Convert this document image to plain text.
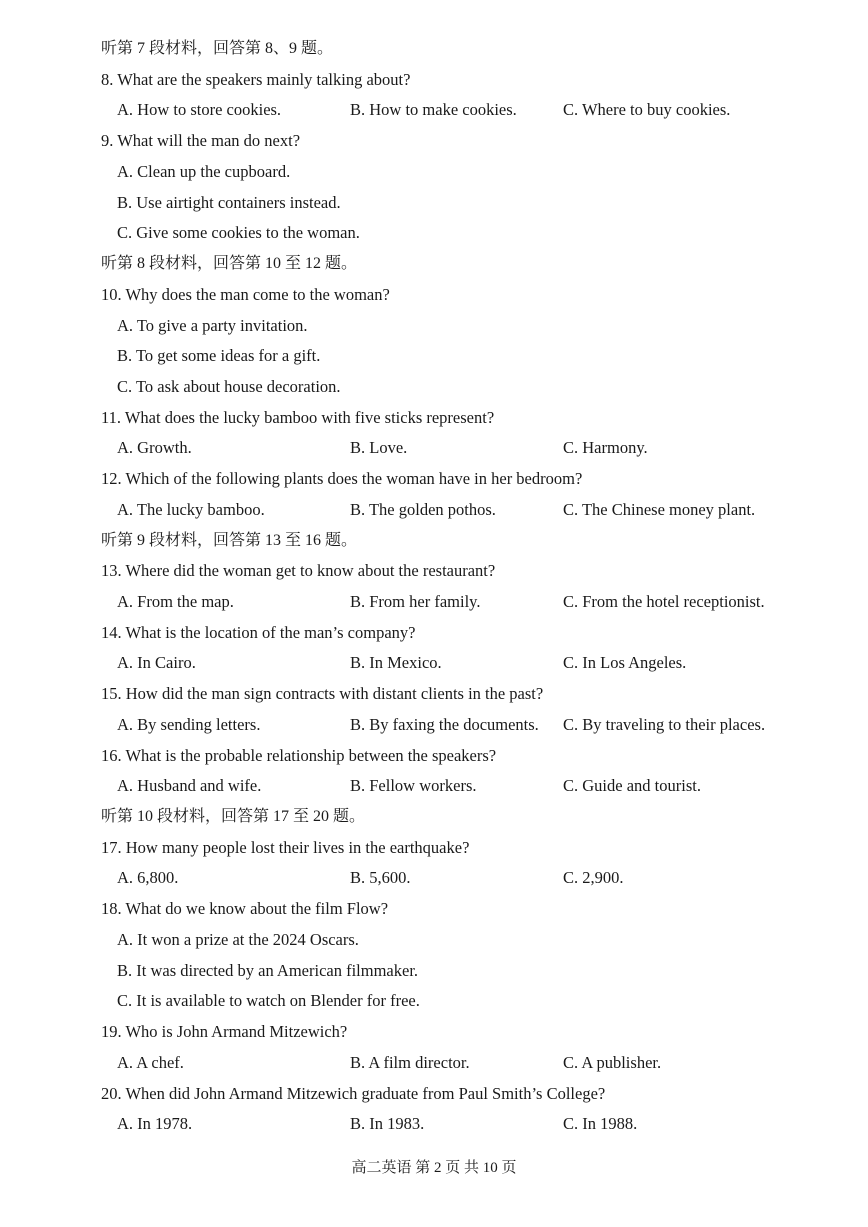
听第 7 段材料，回答第 8、9 题。
8. What are the speakers mainly talking about?
A. How to store cookies.	B. How to make cookies.	C. Where to buy cookies.
9. What will the man do next?
A. Clean up the cupboard.
B. Use airtight containers instead.
C. Give some cookies to the woman.
听第 8 段材料，回答第 10 至 12 题。
10. Why does the man come to the woman?
A. To give a party invitation.
B. To get some ideas for a gift.
C. To ask about house decoration.
11. What does the lucky bamboo with five sticks represent?
A. Growth.	B. Love.	C. Harmony.
12. Which of the following plants does the woman have in her bedroom?
A. The lucky bamboo.	B. The golden pothos.	C. The Chinese money plant.
听第 9 段材料，回答第 13 至 16 题。
13. Where did the woman get to know about the restaurant?
A. From the map.	B. From her family.	C. From the hotel receptionist.
14. What is the location of the man’s company?
A. In Cairo.	B. In Mexico.	C. In Los Angeles.
15. How did the man sign contracts with distant clients in the past?
A. By sending letters.	B. By faxing the documents. C. By traveling to their places.
16. What is the probable relationship between the speakers?
A. Husband and wife.	B. Fellow workers.	C. Guide and tourist.
听第 10 段材料，回答第 17 至 20 题。
17. How many people lost their lives in the earthquake?
A. 6,800.	B. 5,600.	C. 2,900.
18. What do we know about the film Flow?
A. It won a prize at the 2024 Oscars.
B. It was directed by an American filmmaker.
C. It is available to watch on Blender for free.
19. Who is John Armand Mitzewich?
A. A chef.	B. A film director.	C. A publisher.
20. When did John Armand Mitzewich graduate from Paul Smith’s College?
A. In 1978.	B. In 1983.	C. In 1988.
高二英语 第 2 页 共 10 页
